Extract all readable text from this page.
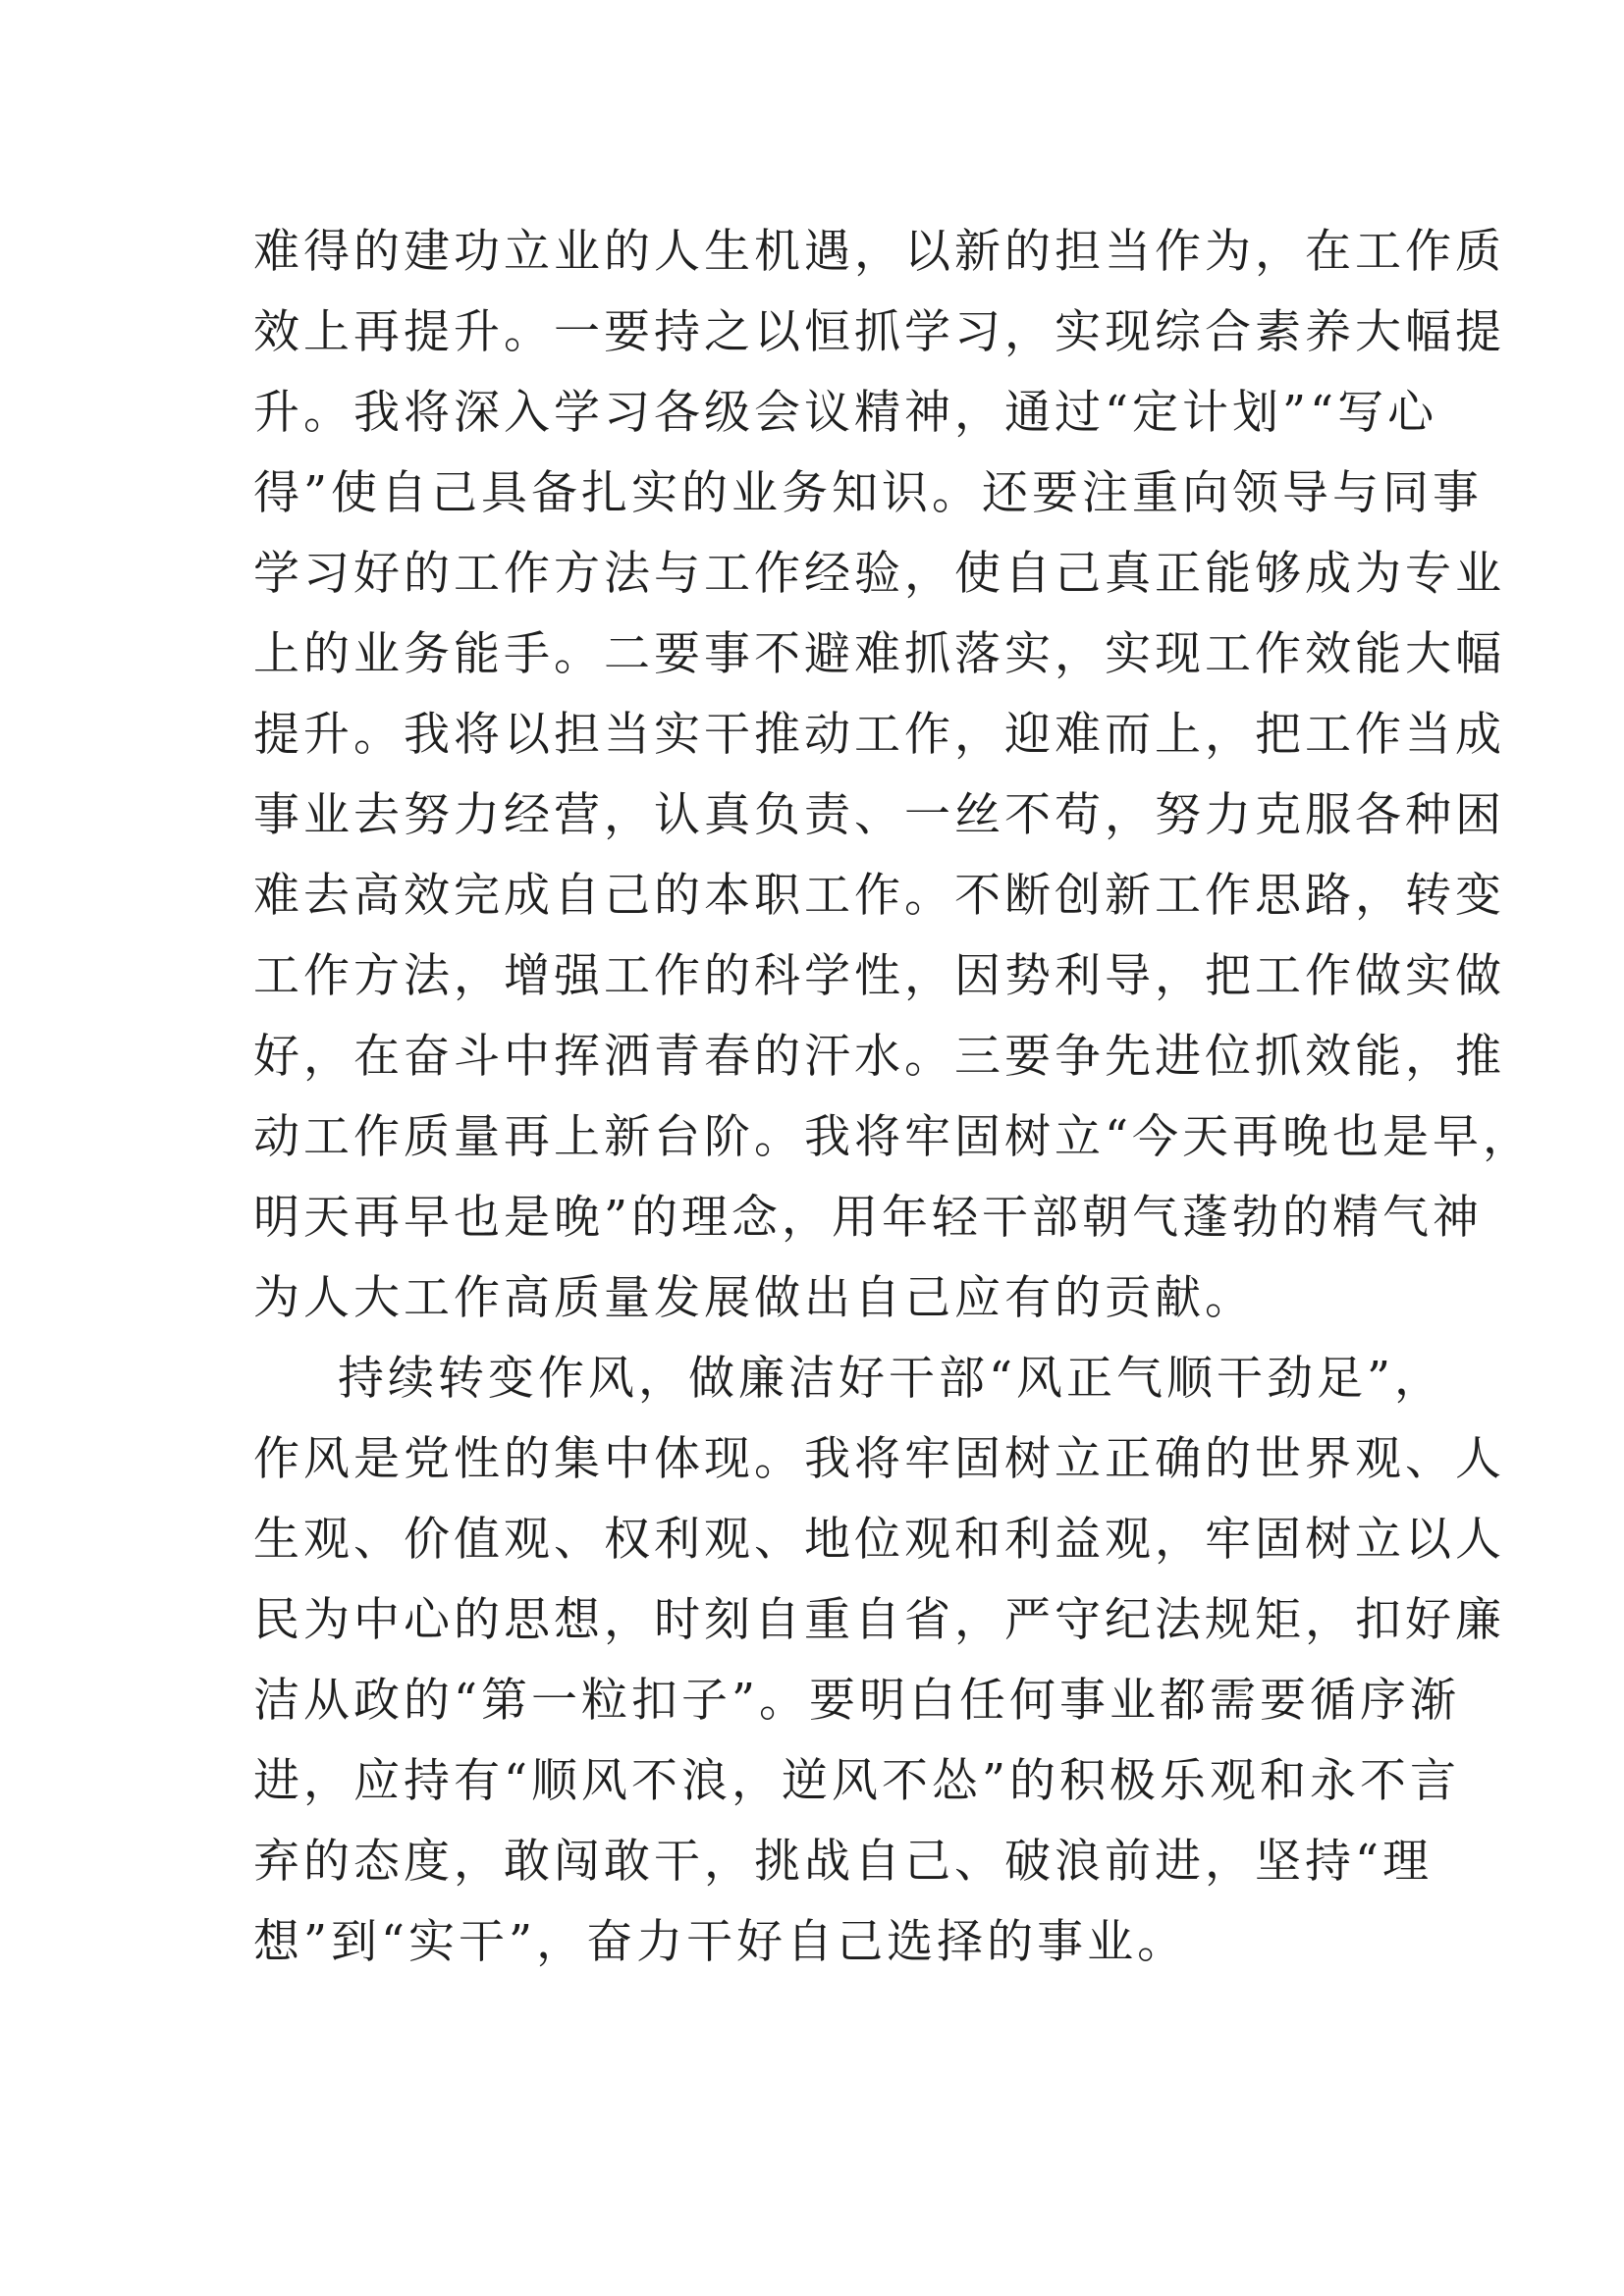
难得的建功立业的人生机遇，以新的担当作为，在工作质
效上再提升。一要持之以恒抓学习，实现综合素养大幅提
升。我将深入学习各级会议精神，通过“定计划”“写心
得”使自己具备扎实的业务知识。还要注重向领导与同事
学习好的工作方法与工作经验，使自己真正能够成为专业
上的业务能手。二要事不避难抓落实，实现工作效能大幅
提升。我将以担当实干推动工作，迎难而上，把工作当成
事业去努力经营，认真负责、一丝不苟，努力克服各种困
难去高效完成自己的本职工作。不断创新工作思路，转变
工作方法，增强工作的科学性，因势利导，把工作做实做
好，在奋斗中挥洒青春的汗水。三要争先进位抓效能，推
动工作质量再上新台阶。我将牢固树立“今天再晚也是早，
明天再早也是晚”的理念，用年轻干部朝气蓬勃的精气神
为人大工作高质量发展做出自己应有的贡献。
持续转变作风，做廉洁好干部“风正气顺干劲足”，
作风是党性的集中体现。我将牢固树立正确的世界观、人
生观、价值观、权利观、地位观和利益观，牢固树立以人
民为中心的思想，时刻自重自省，严守纪法规矩，扣好廉
洁从政的“第一粒扣子”。要明白任何事业都需要循序渐
进，应持有“顺风不浪，逆风不怂”的积极乐观和永不言
弃的态度，敢闯敢干，挑战自己、破浪前进，坚持“理
想”到“实干”，奋力干好自己选择的事业。
